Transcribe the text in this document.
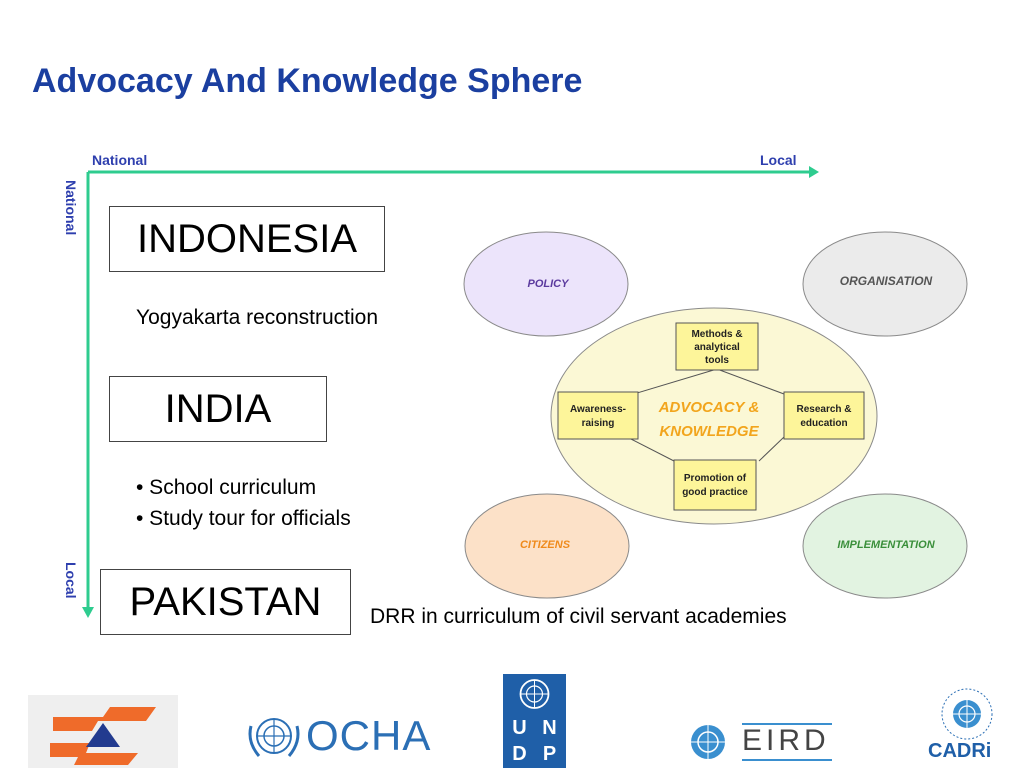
Advocacy And Knowledge Sphere
National	Local
National
Local
INDONESIA
Yogyakarta reconstruction
INDIA
• School curriculum
• Study tour for officials
PAKISTAN	DRR in curriculum of civil servant academies
POLICY	ORGANISATION
CITIZENS	IMPLEMENTATION
ADVOCACY &
KNOWLEDGE
Methods &
analytical
tools
Awareness-
raising
Research &
education
Promotion of
good practice
OCHA	U N
D P	EIRD	CADRi
